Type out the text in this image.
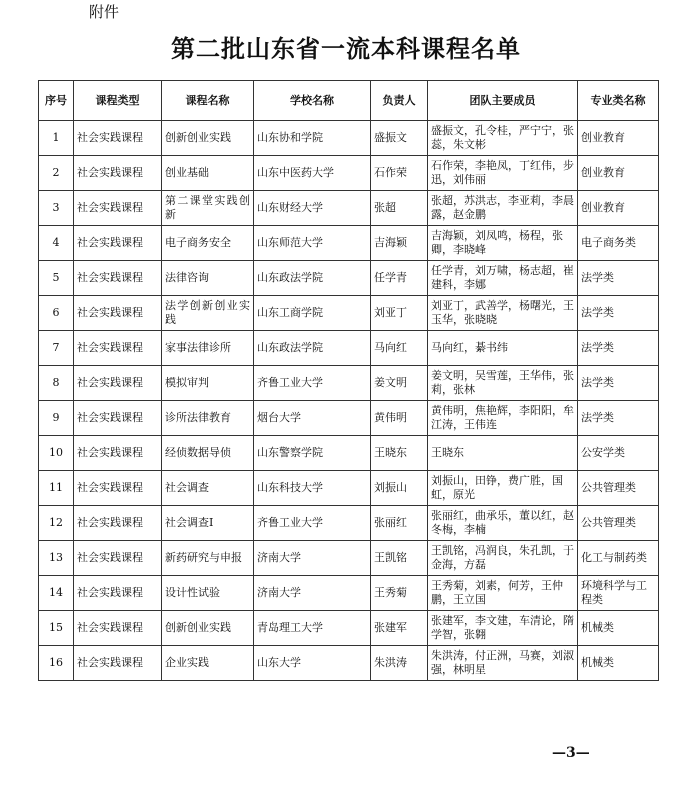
附件
第二批山东省一流本科课程名单
序号	课程类型	课程名称	学校名称	负责人	团队主要成员	专业类名称
1	社会实践课程	创新创业实践	山东协和学院	盛振文	盛振文，孔令桂，严宁宁，张蕊，朱文彬	创业教育
2	社会实践课程	创业基础	山东中医药大学	石作荣	石作荣，李艳凤，丁红伟，步迅，刘伟丽	创业教育
3	社会实践课程	第二课堂实践创新	山东财经大学	张超	张超，苏洪志，李亚莉，李晨露，赵金鹏	创业教育
4	社会实践课程	电子商务安全	山东师范大学	吉海颖	吉海颖，刘凤鸣，杨程，张卿，李晓峰	电子商务类
5	社会实践课程	法律咨询	山东政法学院	任学青	任学青，刘万啸，杨志超，崔建科，李娜	法学类
6	社会实践课程	法学创新创业实践	山东工商学院	刘亚丁	刘亚丁，武善学，杨曙光，王玉华，张晓晓	法学类
7	社会实践课程	家事法律诊所	山东政法学院	马向红	马向红，綦书纬	法学类
8	社会实践课程	模拟审判	齐鲁工业大学	姜文明	姜文明，吴雪莲，王华伟，张莉，张林	法学类
9	社会实践课程	诊所法律教育	烟台大学	黄伟明	黄伟明，焦艳辉，李阳阳，牟江涛，王伟连	法学类
10	社会实践课程	经侦数据导侦	山东警察学院	王晓东	王晓东	公安学类
11	社会实践课程	社会调查	山东科技大学	刘振山	刘振山，田铮，费广胜，国虹，原光	公共管理类
12	社会实践课程	社会调查Ⅰ	齐鲁工业大学	张丽红	张丽红，曲承乐，董以红，赵冬梅，李楠	公共管理类
13	社会实践课程	新药研究与申报	济南大学	王凯铭	王凯铭，冯润良，朱孔凯，于金海，方磊	化工与制药类
14	社会实践课程	设计性试验	济南大学	王秀菊	王秀菊，刘素，何芳，王仲鹏，王立国	环境科学与工程类
15	社会实践课程	创新创业实践	青岛理工大学	张建军	张建军，李文建，车清论，隋学智，张翱	机械类
16	社会实践课程	企业实践	山东大学	朱洪涛	朱洪涛，付正洲，马赛，刘淑强，林明星	机械类
—3—
